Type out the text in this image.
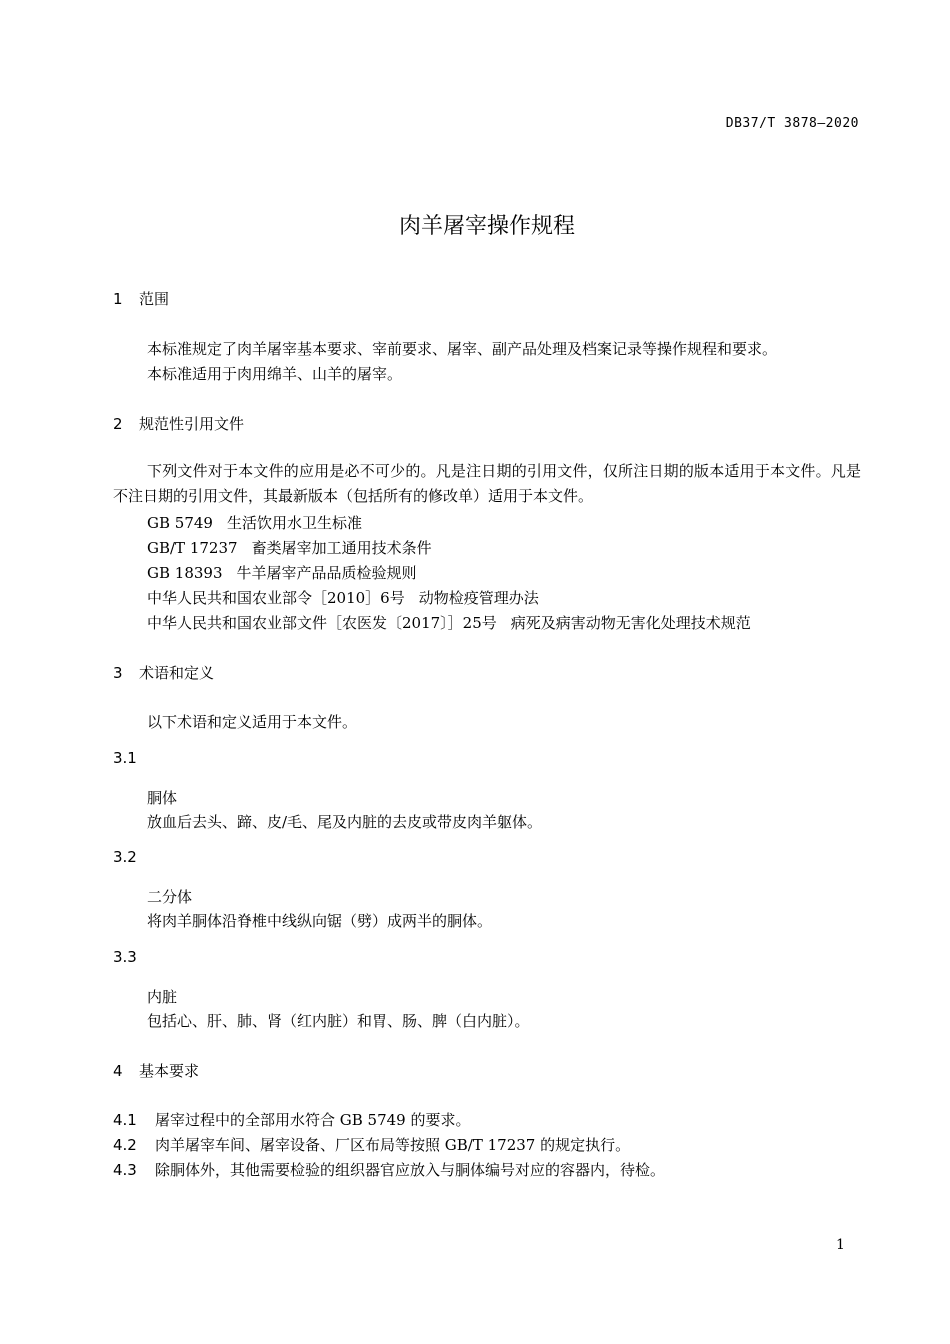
DB37/T 3878—2020
肉羊屠宰操作规程
1 范围
本标准规定了肉羊屠宰基本要求、宰前要求、屠宰、副产品处理及档案记录等操作规程和要求。
本标准适用于肉用绵羊、山羊的屠宰。
2 规范性引用文件
下列文件对于本文件的应用是必不可少的。凡是注日期的引用文件，仅所注日期的版本适用于本文件。凡是不注日期的引用文件，其最新版本（包括所有的修改单）适用于本文件。
GB 5749 生活饮用水卫生标准
GB/T 17237 畜类屠宰加工通用技术条件
GB 18393 牛羊屠宰产品品质检验规则
中华人民共和国农业部令［2010］6号 动物检疫管理办法
中华人民共和国农业部文件［农医发〔2017〕］25号 病死及病害动物无害化处理技术规范
3 术语和定义
以下术语和定义适用于本文件。
3.1
胴体
放血后去头、蹄、皮/毛、尾及内脏的去皮或带皮肉羊躯体。
3.2
二分体
将肉羊胴体沿脊椎中线纵向锯（劈）成两半的胴体。
3.3
内脏
包括心、肝、肺、肾（红内脏）和胃、肠、脾（白内脏）。
4 基本要求
4.1 屠宰过程中的全部用水符合 GB 5749 的要求。
4.2 肉羊屠宰车间、屠宰设备、厂区布局等按照 GB/T 17237 的规定执行。
4.3 除胴体外，其他需要检验的组织器官应放入与胴体编号对应的容器内，待检。
1
